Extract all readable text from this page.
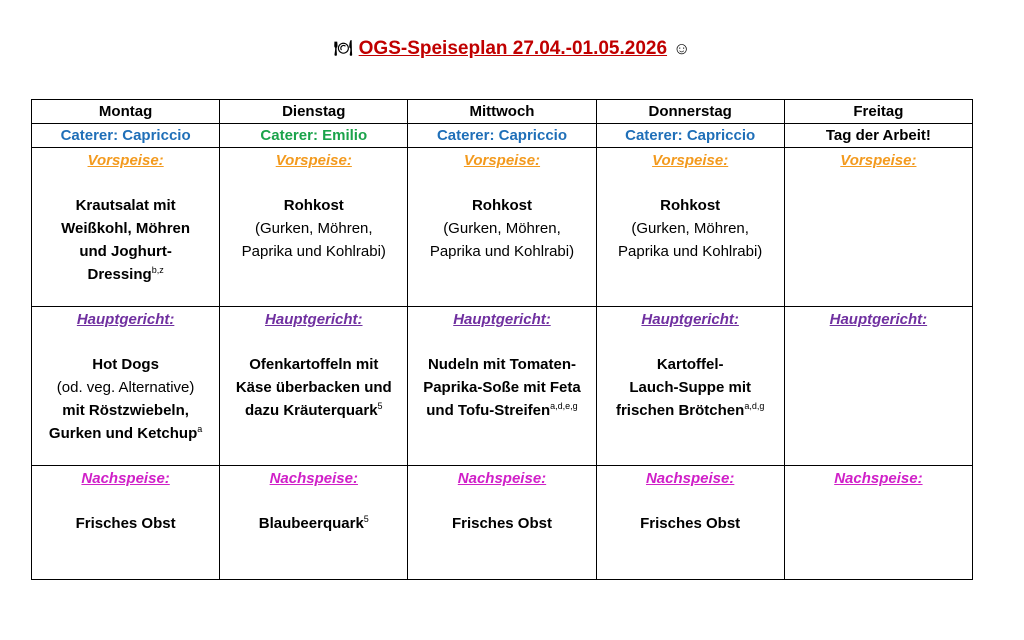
🍽 OGS-Speiseplan 27.04.-01.05.2026 ☺
Montag	Dienstag	Mittwoch	Donnerstag	Freitag
Caterer: Capriccio	Caterer: Emilio	Caterer: Capriccio	Caterer: Capriccio	Tag der Arbeit!

Vorspeise:
Krautsalat mit
Weißkohl, Möhren
und Joghurt-
Dressing$^{b,z}$	Vorspeise:
Rohkost
(Gurken, Möhren,
Paprika und Kohlrabi)	Vorspeise:
Rohkost
(Gurken, Möhren,
Paprika und Kohlrabi)	Vorspeise:
Rohkost
(Gurken, Möhren,
Paprika und Kohlrabi)	Vorspeise:

Hauptgericht:
Hot Dogs
(od. veg. Alternative)
mit Röstzwiebeln,
Gurken und Ketchup$^a$	Hauptgericht:
Ofenkartoffeln mit
Käse überbacken und
dazu Kräuterquark$^5$	Hauptgericht:
Nudeln mit Tomaten-
Paprika-Soße mit Feta
und Tofu-Streifen$^{a,d,e,g}$	Hauptgericht:
Kartoffel-
Lauch-Suppe mit
frischen Brötchen$^{a,d,g}$	Hauptgericht:

Nachspeise:
Frisches Obst	Nachspeise:
Blaubeerquark$^5$	Nachspeise:
Frisches Obst	Nachspeise:
Frisches Obst	Nachspeise:
